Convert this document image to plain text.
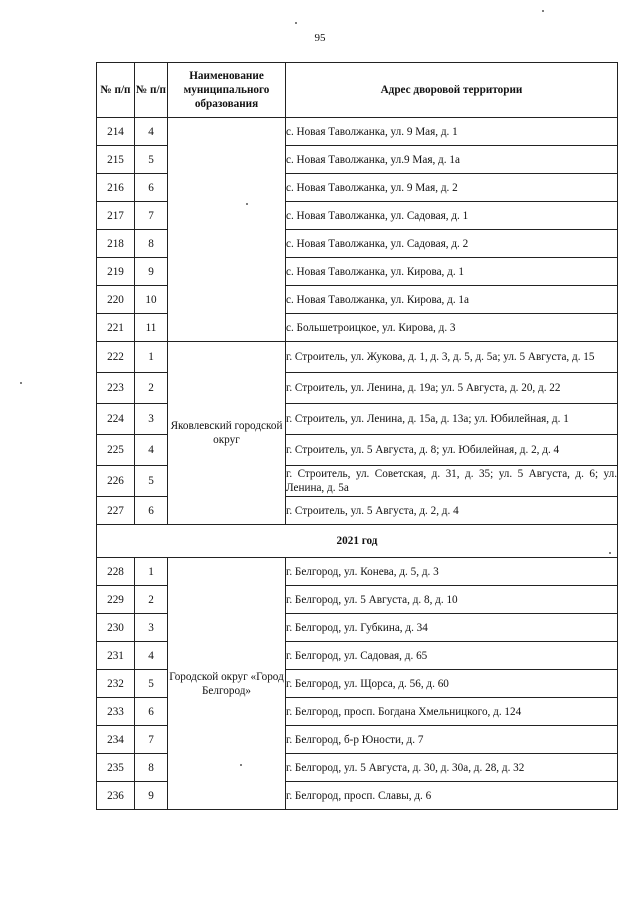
95
№ п/п	№ п/п	Наименование муниципального образования	Адрес дворовой территории
214	4		с. Новая Таволжанка, ул. 9 Мая, д. 1
215	5		с. Новая Таволжанка, ул.9 Мая, д. 1а
216	6		с. Новая Таволжанка, ул. 9 Мая, д. 2
217	7		с. Новая Таволжанка, ул. Садовая, д. 1
218	8		с. Новая Таволжанка, ул. Садовая, д. 2
219	9		с. Новая Таволжанка, ул. Кирова, д. 1
220	10		с. Новая Таволжанка, ул. Кирова, д. 1а
221	11		с. Большетроицкое, ул. Кирова, д. 3
222	1	Яковлевский городской округ	г. Строитель, ул. Жукова, д. 1, д. 3, д. 5, д. 5а; ул. 5 Августа, д. 15
223	2		г. Строитель, ул. Ленина, д. 19а; ул. 5 Августа, д. 20, д. 22
224	3		г. Строитель, ул. Ленина, д. 15а, д. 13а; ул. Юбилейная, д. 1
225	4		г. Строитель, ул. 5 Августа, д. 8; ул. Юбилейная, д. 2, д. 4
226	5		г. Строитель, ул. Советская, д. 31, д. 35; ул. 5 Августа, д. 6; ул. Ленина, д. 5а
227	6		г. Строитель, ул. 5 Августа, д. 2, д. 4
2021 год			
228	1	Городской округ «Город Белгород»	г. Белгород, ул. Конева, д. 5, д. 3
229	2		г. Белгород, ул. 5 Августа, д. 8, д. 10
230	3		г. Белгород, ул. Губкина, д. 34
231	4		г. Белгород, ул. Садовая, д. 65
232	5		г. Белгород, ул. Щорса, д. 56, д. 60
233	6		г. Белгород, просп. Богдана Хмельницкого, д. 124
234	7		г. Белгород, б-р Юности, д. 7
235	8		г. Белгород, ул. 5 Августа, д. 30, д. 30а, д. 28, д. 32
236	9		г. Белгород, просп. Славы, д. 6
